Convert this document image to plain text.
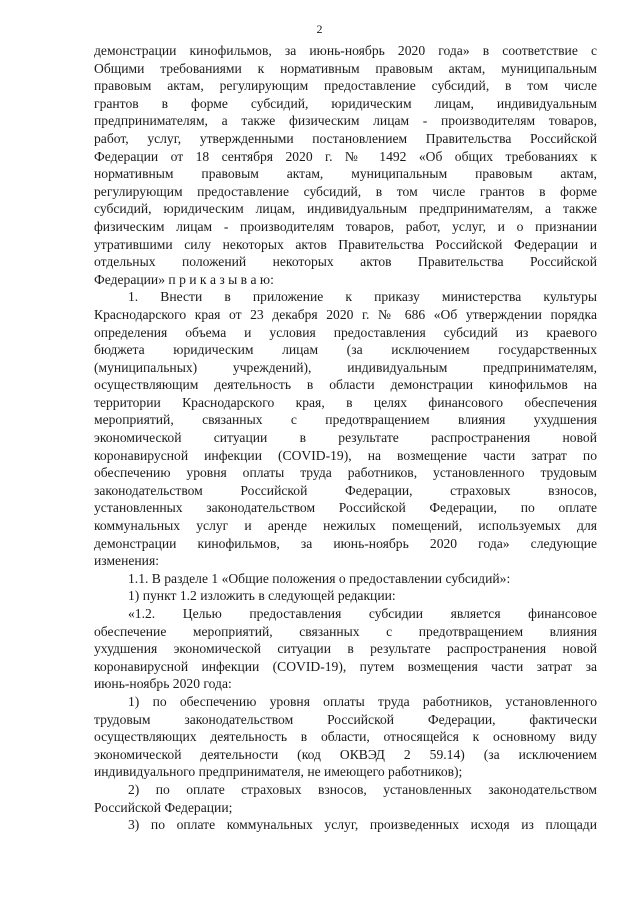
2
демонстрации кинофильмов, за июнь-ноябрь 2020 года» в соответствие с
Общими требованиями к нормативным правовым актам, муниципальным
правовым актам, регулирующим предоставление субсидий, в том числе
грантов в форме субсидий, юридическим лицам, индивидуальным
предпринимателям, а также физическим лицам - производителям товаров,
работ, услуг, утвержденными постановлением Правительства Российской
Федерации от 18 сентября 2020 г. № 1492 «Об общих требованиях к
нормативным правовым актам, муниципальным правовым актам,
регулирующим предоставление субсидий, в том числе грантов в форме
субсидий, юридическим лицам, индивидуальным предпринимателям, а также
физическим лицам - производителям товаров, работ, услуг, и о признании
утратившими силу некоторых актов Правительства Российской Федерации и
отдельных положений некоторых актов Правительства Российской
Федерации» п р и к а з ы в а ю:
1. Внести в приложение к приказу министерства культуры
Краснодарского края от 23 декабря 2020 г. № 686 «Об утверждении порядка
определения объема и условия предоставления субсидий из краевого
бюджета юридическим лицам (за исключением государственных
(муниципальных) учреждений), индивидуальным предпринимателям,
осуществляющим деятельность в области демонстрации кинофильмов на
территории Краснодарского края, в целях финансового обеспечения
мероприятий, связанных с предотвращением влияния ухудшения
экономической ситуации в результате распространения новой
коронавирусной инфекции (COVID-19), на возмещение части затрат по
обеспечению уровня оплаты труда работников, установленного трудовым
законодательством Российской Федерации, страховых взносов,
установленных законодательством Российской Федерации, по оплате
коммунальных услуг и аренде нежилых помещений, используемых для
демонстрации кинофильмов, за июнь-ноябрь 2020 года» следующие
изменения:
1.1. В разделе 1 «Общие положения о предоставлении субсидий»:
1) пункт 1.2 изложить в следующей редакции:
«1.2. Целью предоставления субсидии является финансовое
обеспечение мероприятий, связанных с предотвращением влияния
ухудшения экономической ситуации в результате распространения новой
коронавирусной инфекции (COVID-19), путем возмещения части затрат за
июнь-ноябрь 2020 года:
1) по обеспечению уровня оплаты труда работников, установленного
трудовым законодательством Российской Федерации, фактически
осуществляющих деятельность в области, относящейся к основному виду
экономической деятельности (код ОКВЭД 2 59.14) (за исключением
индивидуального предпринимателя, не имеющего работников);
2) по оплате страховых взносов, установленных законодательством
Российской Федерации;
3) по оплате коммунальных услуг, произведенных исходя из площади
